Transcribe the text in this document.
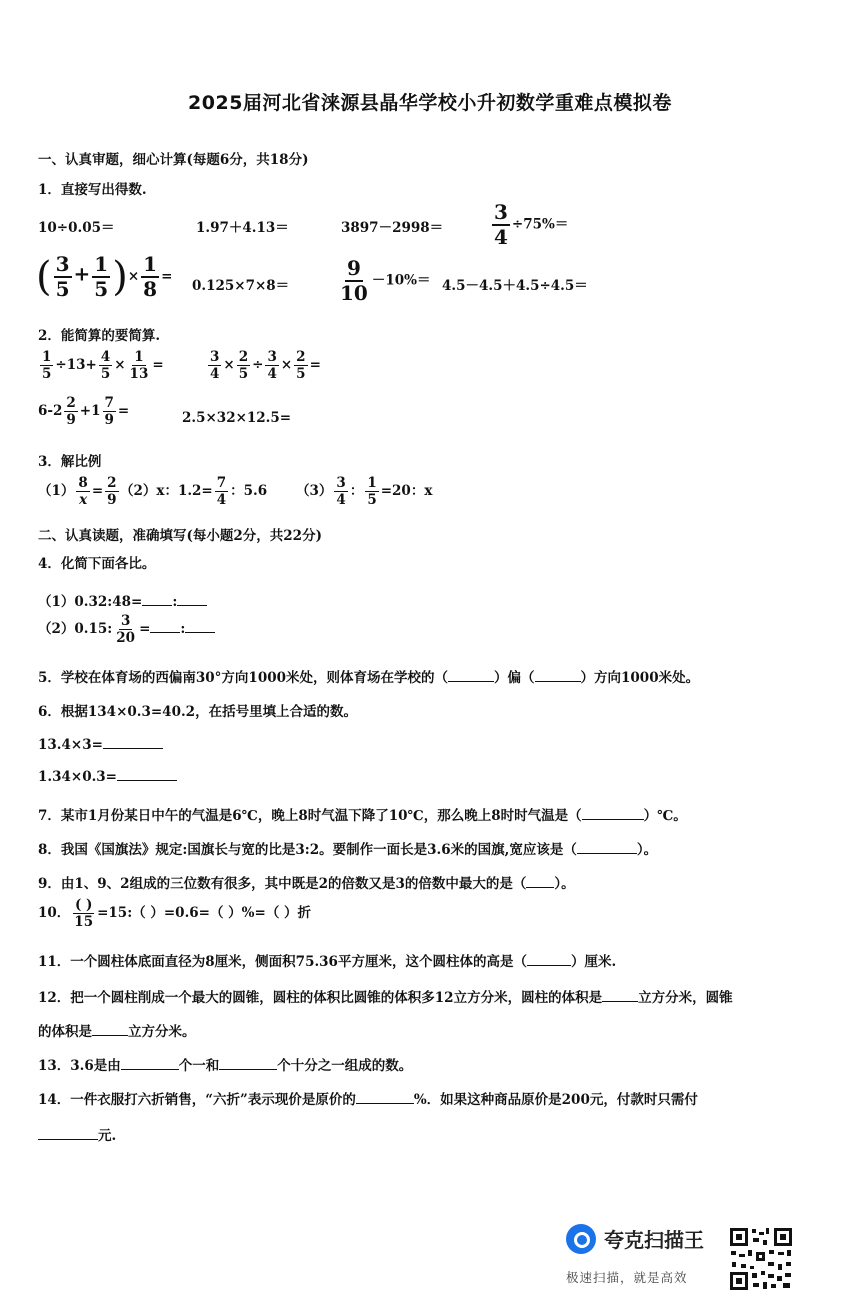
2025届河北省涞源县晶华学校小升初数学重难点模拟卷
一、认真审题，细心计算(每题6分，共18分)
1．直接写出得数.
10÷0.05＝	1.97＋4.13＝	$3897-2998= \frac{3}{4} \div 75\%=$
( $\frac{3}{5} + \frac{1}{5}$ )× $\frac{1}{8}$ =
$0.125\times 7\times 8= \frac{9}{10} -10\%= 4.5-4.5+4.5\div 4.5=$
2．能简算的要简算.
$\frac{1}{5} \div 13+ \frac{4}{5} \times \frac{1}{13}$ =	$\frac{3}{4} \times \frac{2}{5} \div \frac{3}{4} \times \frac{2}{5}$ =
$6-2 \frac{2}{9} +1 \frac{7}{9}$ =	2.5×32×12.5=
3．解比例
$(1) \frac{8}{x} = \frac{2}{9} (2)x$：$1.2= \frac{7}{4}$ ：5.6 $(3) \frac{3}{4}$ ： $\frac{1}{5} =20$：x
二、认真读题，准确填写(每小题2分，共22分)
4．化简下面各比。
（1）0.32:48= :
（2）0.15: $\frac{3}{20}$ = :
5．学校在体育场的西偏南30°方向1000米处，则体育场在学校的（	）偏（	）方向1000米处。
6．根据134×0.3=40.2，在括号里填上合适的数。
13.4×3=
1.34×0.3=
7．某市1月份某日中午的气温是6℃，晚上8时气温下降了10℃，那么晚上8时时气温是（	）℃。
8．我国《国旗法》规定:国旗长与宽的比是3:2。要制作一面长是3.6米的国旗,宽应该是（	）。
9．由1、9、2组成的三位数有很多，其中既是2的倍数又是3的倍数中最大的是（ ）。
10． $\frac{( )}{15}$ =15:（ ）=0.6=（ ）%=（ ）折
11．一个圆柱体底面直径为8厘米，侧面积75.36平方厘米，这个圆柱体的高是（	）厘米.
12．把一个圆柱削成一个最大的圆锥，圆柱的体积比圆锥的体积多12立方分米，圆柱的体积是	立方分米，圆锥
的体积是	立方分米。
13．3.6是由	个一和	个十分之一组成的数。
14．一件衣服打六折销售，“六折”表示现价是原价的	%．如果这种商品原价是200元，付款时只需付
元.
夸克扫描王
极速扫描，就是高效
